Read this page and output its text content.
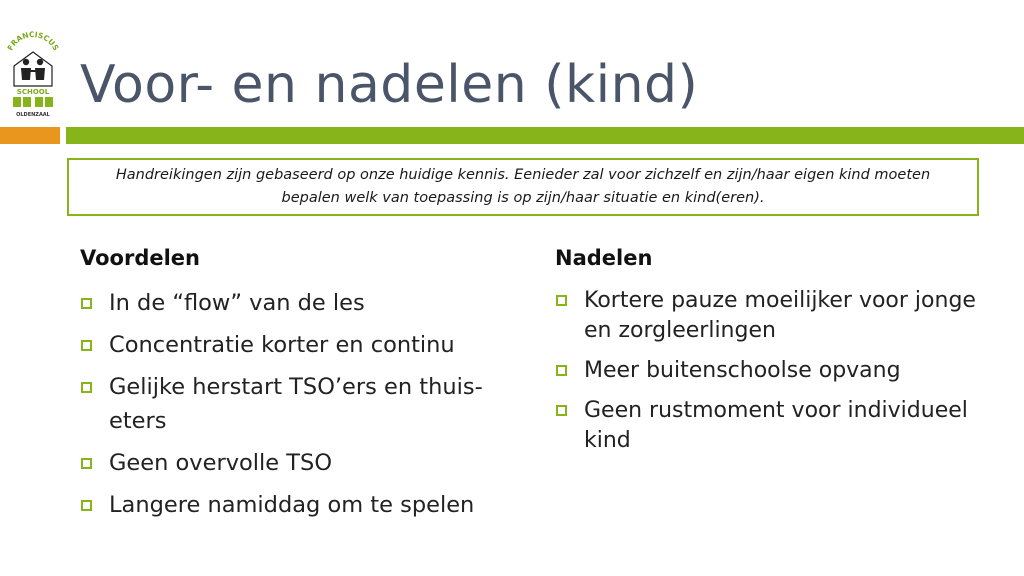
FRANCISCUS
SCHOOL
OLDENZAAL Voor- en nadelen (kind)
Handreikingen zijn gebaseerd op onze huidige kennis. Eenieder zal voor zichzelf en zijn/haar eigen kind moeten bepalen welk van toepassing is op zijn/haar situatie en kind(eren).
Voordelen
In de “flow” van de les
Concentratie korter en continu
Gelijke herstart TSO’ers en thuis-eters
Geen overvolle TSO
Langere namiddag om te spelen
Nadelen
Kortere pauze moeilijker voor jonge en zorgleerlingen
Meer buitenschoolse opvang
Geen rustmoment voor individueel kind
